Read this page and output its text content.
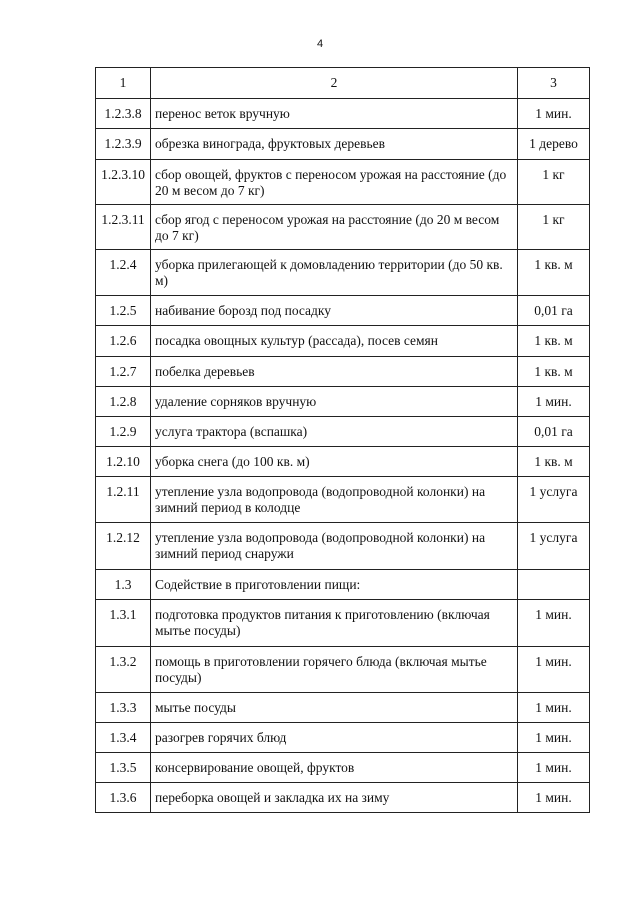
4
1	2	3
1.2.3.8	перенос веток вручную	1 мин.
1.2.3.9	обрезка винограда, фруктовых деревьев	1 дерево
1.2.3.10	сбор овощей, фруктов с переносом урожая на расстояние (до 20 м весом до 7 кг)	1 кг
1.2.3.11	сбор ягод с переносом урожая на расстояние (до 20 м весом до 7 кг)	1 кг
1.2.4	уборка прилегающей к домовладению территории (до 50 кв. м)	1 кв. м
1.2.5	набивание борозд под посадку	0,01 га
1.2.6	посадка овощных культур (рассада), посев семян	1 кв. м
1.2.7	побелка деревьев	1 кв. м
1.2.8	удаление сорняков вручную	1 мин.
1.2.9	услуга трактора (вспашка)	0,01 га
1.2.10	уборка снега (до 100 кв. м)	1 кв. м
1.2.11	утепление узла водопровода (водопроводной колонки) на зимний период в колодце	1 услуга
1.2.12	утепление узла водопровода (водопроводной колонки) на зимний период снаружи	1 услуга
1.3	Содействие в приготовлении пищи:	
1.3.1	подготовка продуктов питания к приготовлению (включая мытье посуды)	1 мин.
1.3.2	помощь в приготовлении горячего блюда (включая мытье посуды)	1 мин.
1.3.3	мытье посуды	1 мин.
1.3.4	разогрев горячих блюд	1 мин.
1.3.5	консервирование овощей, фруктов	1 мин.
1.3.6	переборка овощей и закладка их на зиму	1 мин.
